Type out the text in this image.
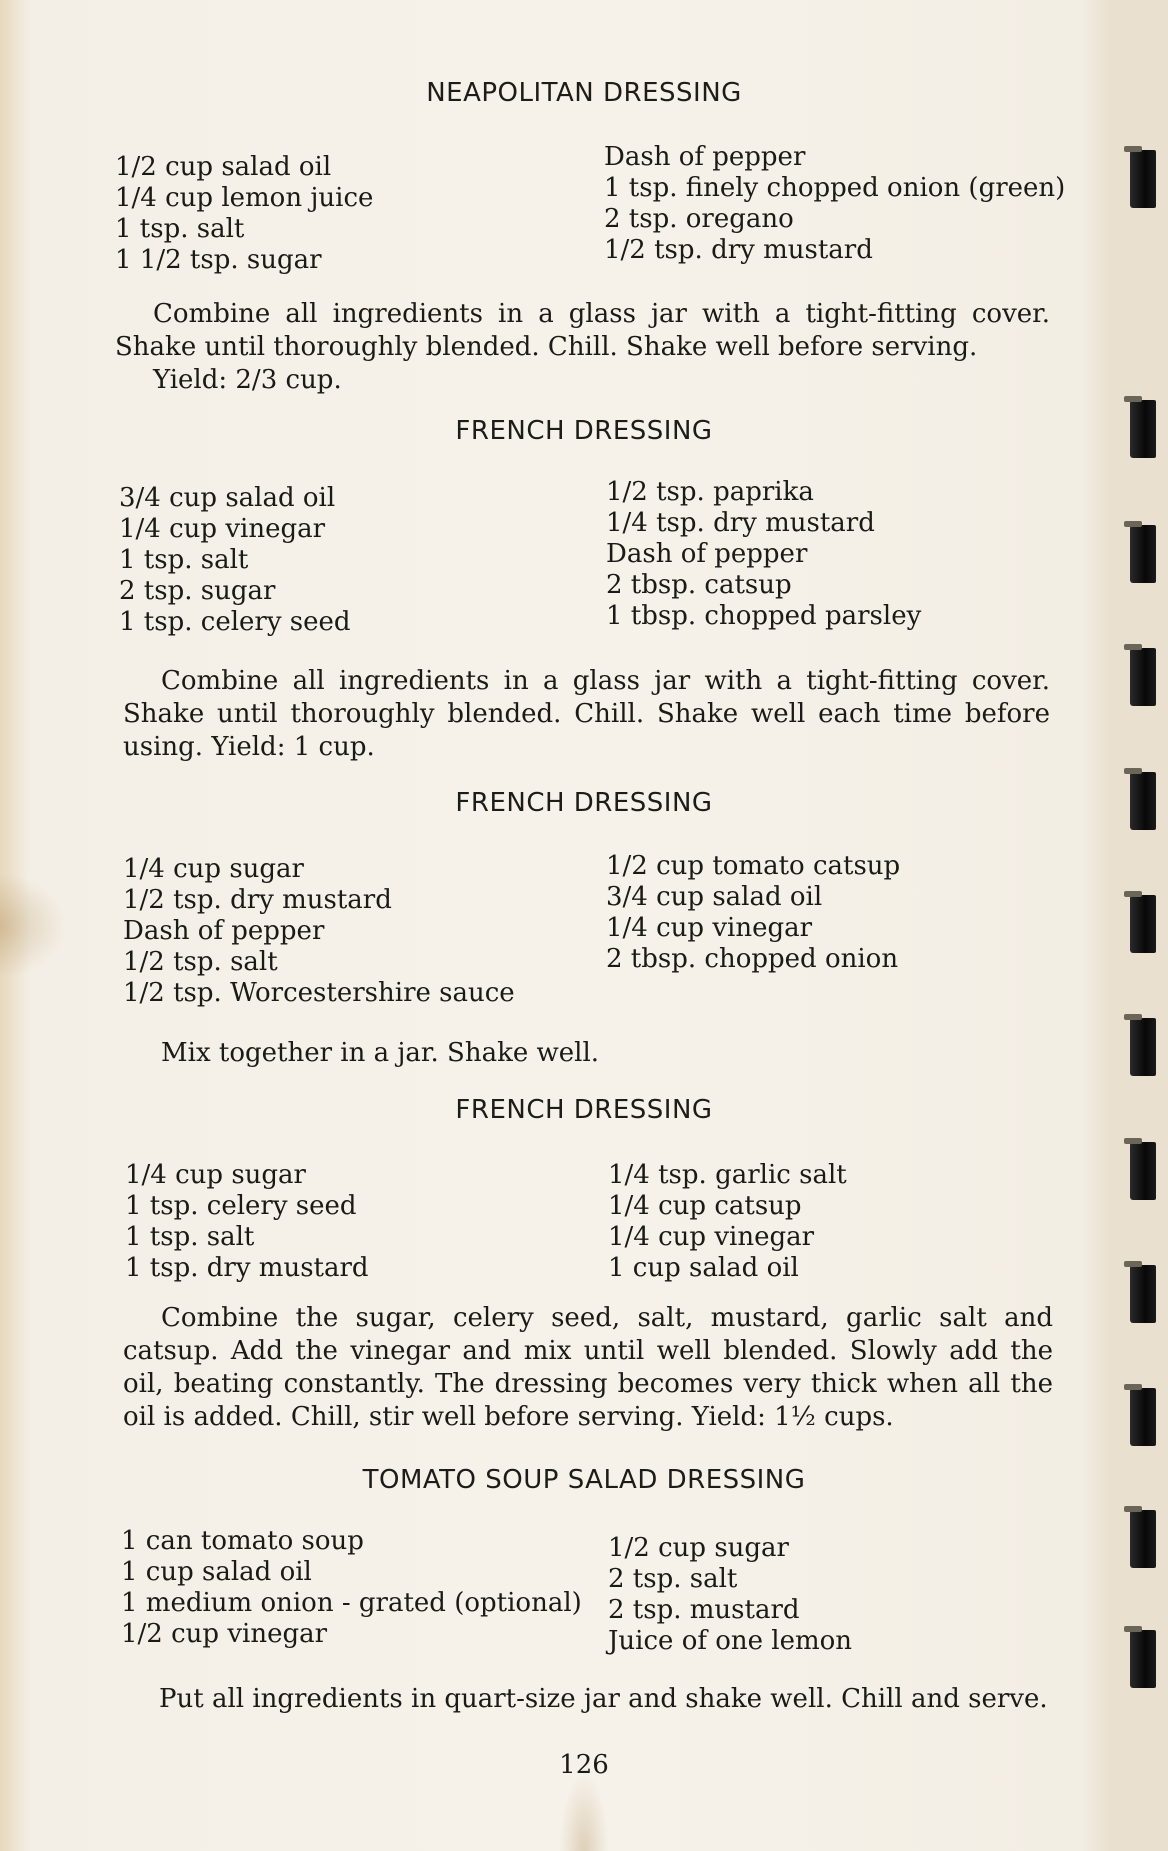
NEAPOLITAN DRESSING
1/2 cup salad oil
1/4 cup lemon juice
1 tsp. salt
1 1/2 tsp. sugar
Dash of pepper
1 tsp. finely chopped onion (green)
2 tsp. oregano
1/2 tsp. dry mustard
Combine all ingredients in a glass jar with a tight-fitting cover. Shake until thoroughly blended. Chill. Shake well before serving.
Yield: 2/3 cup.
FRENCH DRESSING
3/4 cup salad oil
1/4 cup vinegar
1 tsp. salt
2 tsp. sugar
1 tsp. celery seed
1/2 tsp. paprika
1/4 tsp. dry mustard
Dash of pepper
2 tbsp. catsup
1 tbsp. chopped parsley
Combine all ingredients in a glass jar with a tight-fitting cover. Shake until thoroughly blended. Chill. Shake well each time before using. Yield: 1 cup.
FRENCH DRESSING
1/4 cup sugar
1/2 tsp. dry mustard
Dash of pepper
1/2 tsp. salt
1/2 tsp. Worcestershire sauce
1/2 cup tomato catsup
3/4 cup salad oil
1/4 cup vinegar
2 tbsp. chopped onion
Mix together in a jar. Shake well.
FRENCH DRESSING
1/4 cup sugar
1 tsp. celery seed
1 tsp. salt
1 tsp. dry mustard
1/4 tsp. garlic salt
1/4 cup catsup
1/4 cup vinegar
1 cup salad oil
Combine the sugar, celery seed, salt, mustard, garlic salt and catsup. Add the vinegar and mix until well blended. Slowly add the oil, beating constantly. The dressing becomes very thick when all the oil is added. Chill, stir well before serving. Yield: 1½ cups.
TOMATO SOUP SALAD DRESSING
1 can tomato soup
1 cup salad oil
1 medium onion - grated (optional)
1/2 cup vinegar
1/2 cup sugar
2 tsp. salt
2 tsp. mustard
Juice of one lemon
Put all ingredients in quart-size jar and shake well. Chill and serve.
126
